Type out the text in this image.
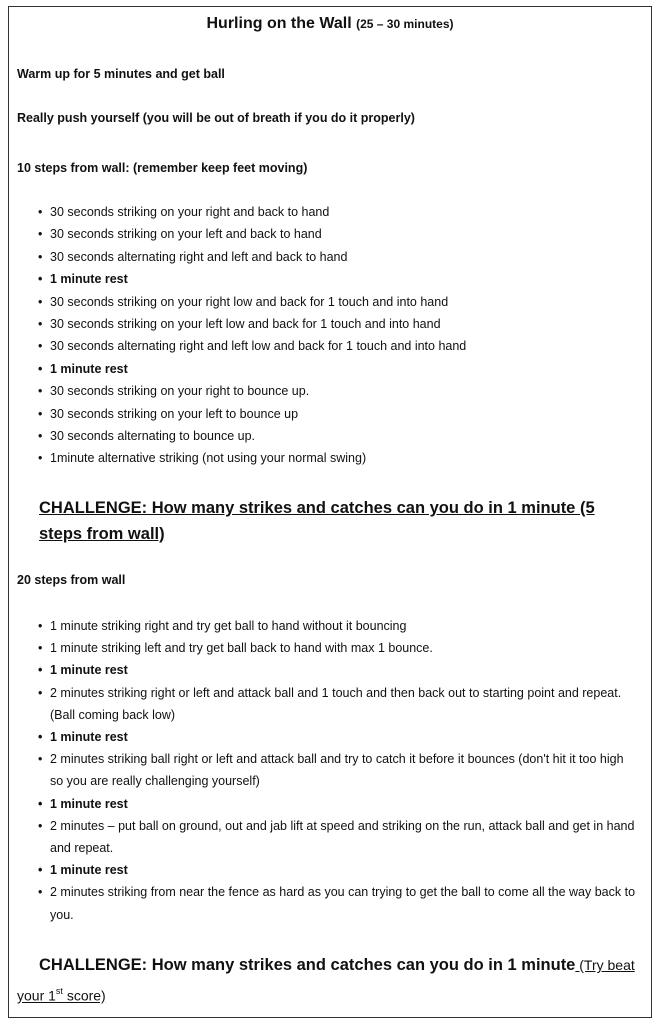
Hurling on the Wall (25 – 30 minutes)
Warm up for 5 minutes and get ball
Really push yourself (you will be out of breath if you do it properly)
10 steps from wall: (remember keep feet moving)
• 30 seconds striking on your right and back to hand
• 30 seconds striking on your left and back to hand
• 30 seconds alternating right and left and back to hand
• 1 minute rest
• 30 seconds striking on your right low and back for 1 touch and into hand
• 30 seconds striking on your left low and back for 1 touch and into hand
• 30 seconds alternating right and left low and back for 1 touch and into hand
• 1 minute rest
• 30 seconds striking on your right to bounce up.
• 30 seconds striking on your left to bounce up
• 30 seconds alternating to bounce up.
• 1minute alternative striking (not using your normal swing)
CHALLENGE: How many strikes and catches can you do in 1 minute (5 steps from wall)
20 steps from wall
• 1 minute striking right and try get ball to hand without it bouncing
• 1 minute striking left and try get ball back to hand with max 1 bounce.
• 1 minute rest
• 2 minutes striking right or left and attack ball and 1 touch and then back out to starting point and repeat. (Ball coming back low)
• 1 minute rest
• 2 minutes striking ball right or left and attack ball and try to catch it before it bounces (don't hit it too high so you are really challenging yourself)
• 1 minute rest
• 2 minutes – put ball on ground, out and jab lift at speed and striking on the run, attack ball and get in hand and repeat.
• 1 minute rest
• 2 minutes striking from near the fence as hard as you can trying to get the ball to come all the way back to you.
CHALLENGE: How many strikes and catches can you do in 1 minute (Try beat your 1st score)
